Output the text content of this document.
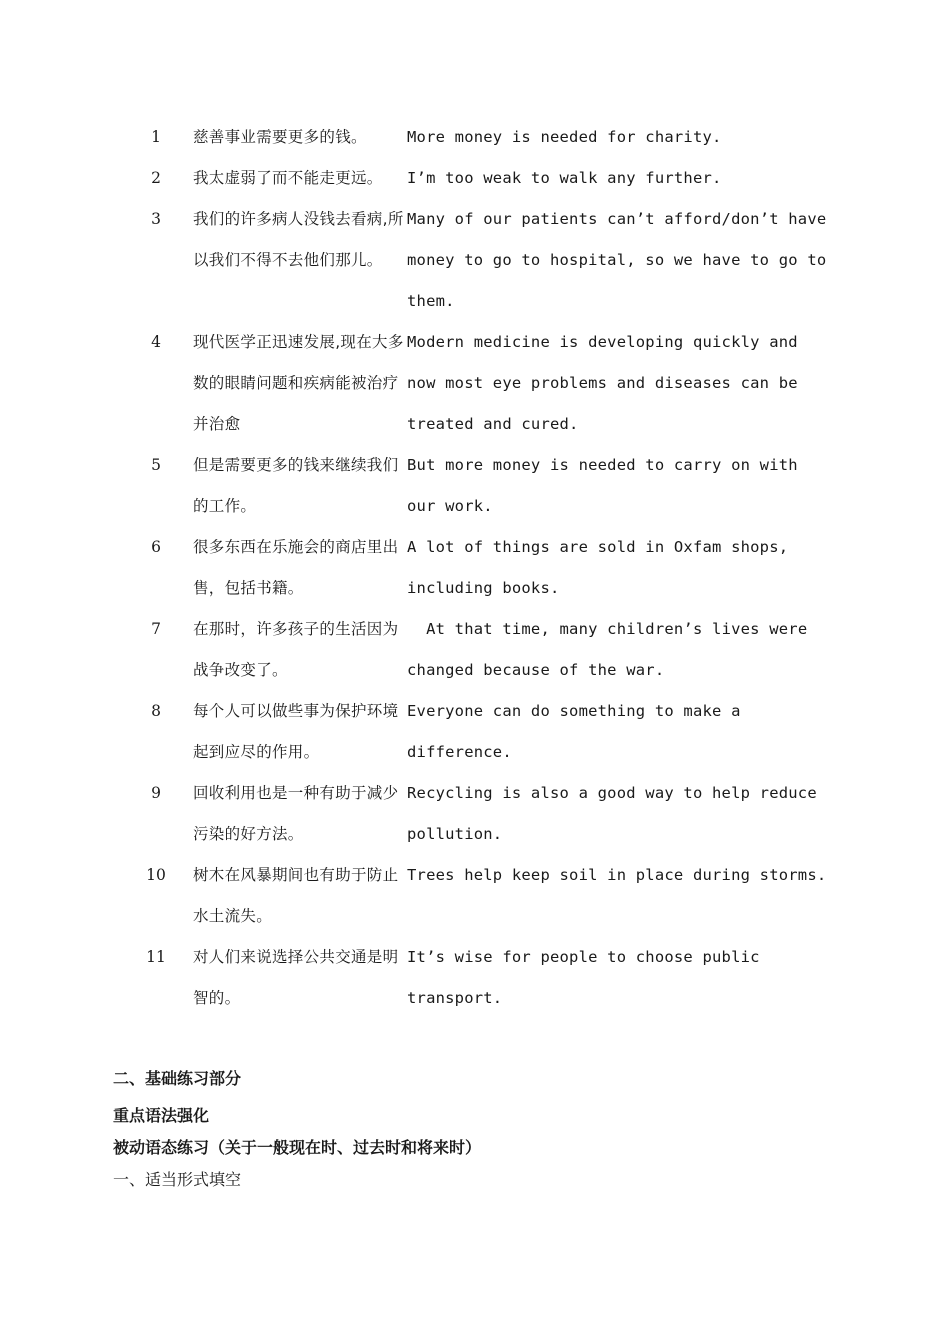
1	慈善事业需要更多的钱。	More money is needed for charity.
2	我太虚弱了而不能走更远。	I’m too weak to walk any further.
3	我们的许多病人没钱去看病,所以我们不得不去他们那儿。	Many of our patients can’t afford/don’t have money to go to hospital, so we have to go to them.
4	现代医学正迅速发展,现在大多数的眼睛问题和疾病能被治疗并治愈	Modern medicine is developing quickly and now most eye problems and diseases can be treated and cured.
5	但是需要更多的钱来继续我们的工作。	But more money is needed to carry on with our work.
6	很多东西在乐施会的商店里出售，包括书籍。	A lot of things are sold in Oxfam shops, including books.
7	在那时，许多孩子的生活因为战争改变了。	At that time, many children’s lives were changed because of the war.
8	每个人可以做些事为保护环境起到应尽的作用。	Everyone can do something to make a difference.
9	回收利用也是一种有助于减少污染的好方法。	Recycling is also a good way to help reduce pollution.
10	树木在风暴期间也有助于防止水土流失。	Trees help keep soil in place during storms.
11	对人们来说选择公共交通是明智的。	It’s wise for people to choose public transport.
二、基础练习部分
重点语法强化
被动语态练习（关于一般现在时、过去时和将来时）
一、适当形式填空
